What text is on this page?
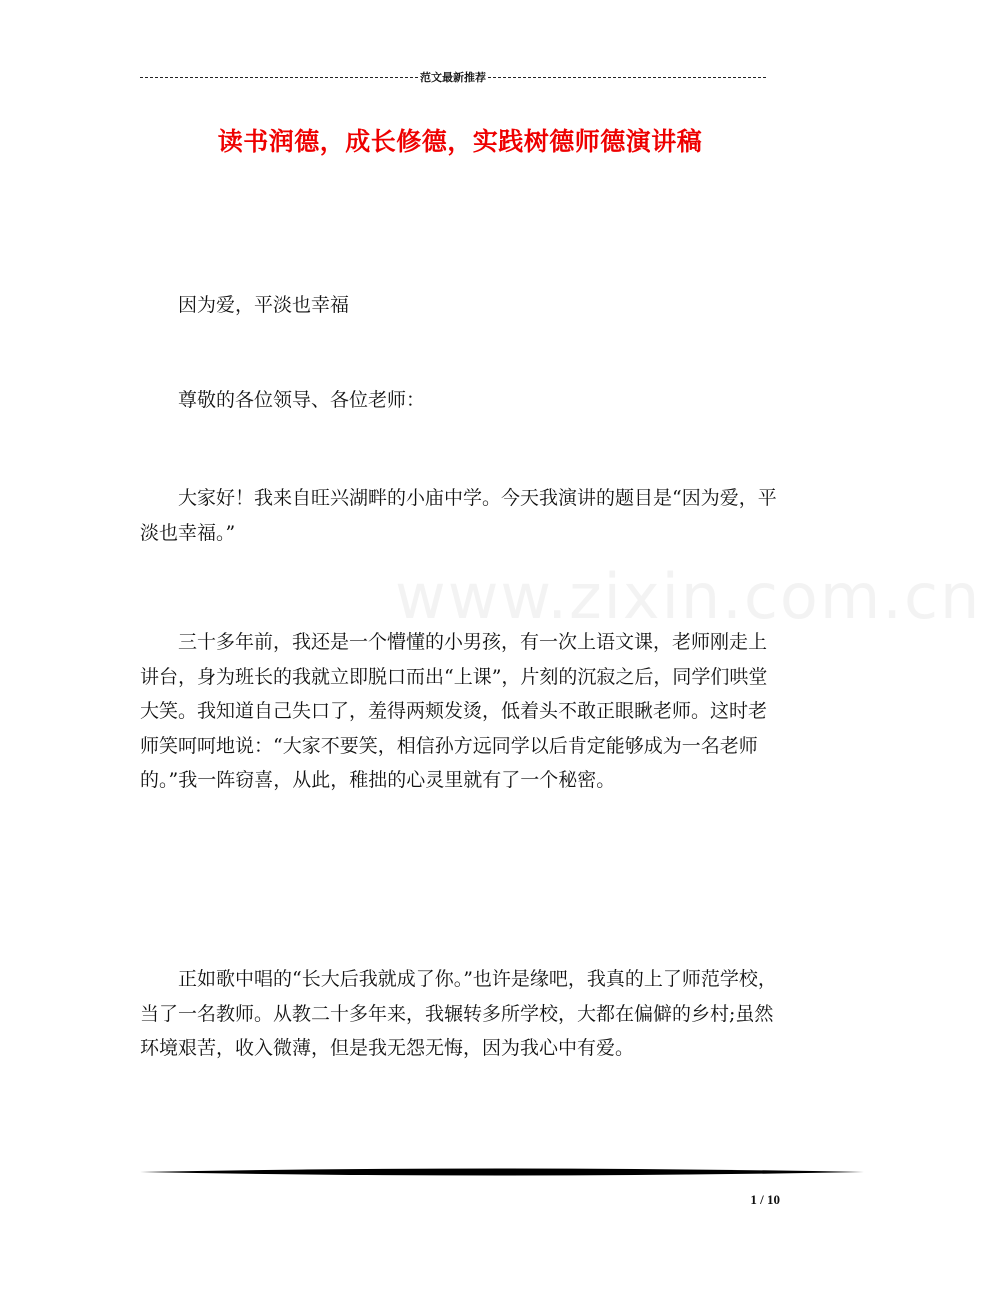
范文最新推荐
读书润德，成长修德，实践树德师德演讲稿

因为爱，平淡也幸福

尊敬的各位领导、各位老师：

大家好！我来自旺兴湖畔的小庙中学。今天我演讲的题目是“因为爱，平淡也幸福。”

三十多年前，我还是一个懵懂的小男孩，有一次上语文课，老师刚走上讲台，身为班长的我就立即脱口而出“上课”，片刻的沉寂之后，同学们哄堂大笑。我知道自己失口了，羞得两颊发烫，低着头不敢正眼瞅老师。这时老师笑呵呵地说：“大家不要笑，相信孙方远同学以后肯定能够成为一名老师的。”我一阵窃喜，从此，稚拙的心灵里就有了一个秘密。

正如歌中唱的“长大后我就成了你。”也许是缘吧，我真的上了师范学校，当了一名教师。从教二十多年来，我辗转多所学校，大都在偏僻的乡村;虽然环境艰苦，收入微薄，但是我无怨无悔，因为我心中有爱。

www.zixin.com.cn
1 / 10
